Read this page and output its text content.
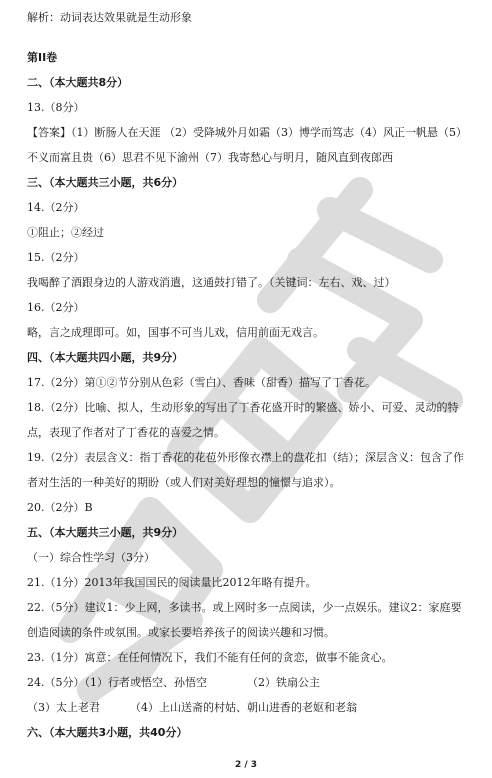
解析：动词表达效果就是生动形象
第II卷
二、（本大题共8分）
13.（8分）
【答案】（1）断肠人在天涯 （2）受降城外月如霜（3）博学而笃志（4）风正一帆悬（5）
不义而富且贵（6）思君不见下渝州（7）我寄愁心与明月，随风直到夜郎西
三、（本大题共三小题，共6分）
14.（2分）
①阻止；②经过
15.（2分）
我喝醉了酒跟身边的人游戏消遣，这通鼓打错了。（关键词：左右、戏、过）
16.（2分）
略，言之成理即可。如，国事不可当儿戏，信用前面无戏言。
四、（本大题共四小题，共9分）
17.（2分）第①②节分别从色彩（雪白）、香味（甜香）描写了丁香花。
18.（2分）比喻、拟人，生动形象的写出了丁香花盛开时的繁盛、娇小、可爱、灵动的特
点，表现了作者对了丁香花的喜爱之情。
19.（2分）表层含义：指丁香花的花苞外形像衣襟上的盘花扣（结）；深层含义：包含了作
者对生活的一种美好的期盼（或人们对美好理想的憧憬与追求）。
20.（2分）B
五、（本大题共三小题，共9分）
（一）综合性学习（3分）
21.（1分）2013年我国国民的阅读量比2012年略有提升。
22.（5分）建议1：少上网，多读书。或上网时多一点阅读，少一点娱乐。建议2：家庭要
创造阅读的条件或氛围。或家长要培养孩子的阅读兴趣和习惯。
23.（1分）寓意：在任何情况下，我们不能有任何的贪恋，做事不能贪心。
24.（5分）（1）行者或悟空、孙悟空	（2）铁扇公主
（3）太上老君	（4）上山送斋的村姑、朝山进香的老妪和老翁
六、（本大题共3小题，共40分）
2 / 3
